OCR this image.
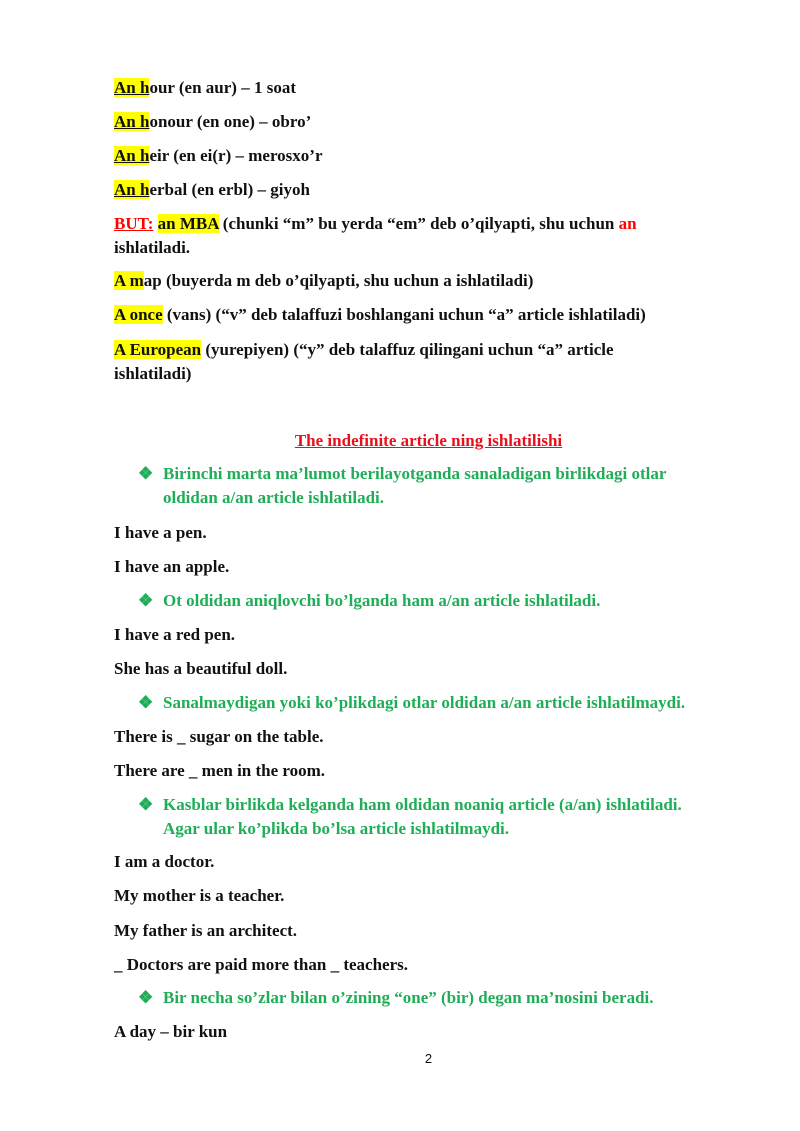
An hour (en aur) – 1 soat
An honour (en one) – obro’
An heir (en ei(r) – merosxo’r
An herbal (en erbl) – giyoh
BUT: an MBA (chunki “m” bu yerda “em” deb o’qilyapti, shu uchun an
ishlatiladi.
A map (buyerda m deb o’qilyapti, shu uchun a ishlatiladi)
A once (vans) (“v” deb talaffuzi boshlangani uchun “a” article ishlatiladi)
A European (yurepiyen) (“y” deb talaffuz qilingani uchun “a” article
ishlatiladi)
The indefinite article ning ishlatilishi
❖ Birinchi marta ma’lumot berilayotganda sanaladigan birlikdagi otlar
oldidan a/an article ishlatiladi.
I have a pen.
I have an apple.
❖ Ot oldidan aniqlovchi bo’lganda ham a/an article ishlatiladi.
I have a red pen.
She has a beautiful doll.
❖ Sanalmaydigan yoki ko’plikdagi otlar oldidan a/an article ishlatilmaydi.
There is _ sugar on the table.
There are _ men in the room.
❖ Kasblar birlikda kelganda ham oldidan noaniq article (a/an) ishlatiladi.
Agar ular ko’plikda bo’lsa article ishlatilmaydi.
I am a doctor.
My mother is a teacher.
My father is an architect.
_ Doctors are paid more than _ teachers.
❖ Bir necha so’zlar bilan o’zining “one” (bir) degan ma’nosini beradi.
A day – bir kun
2
